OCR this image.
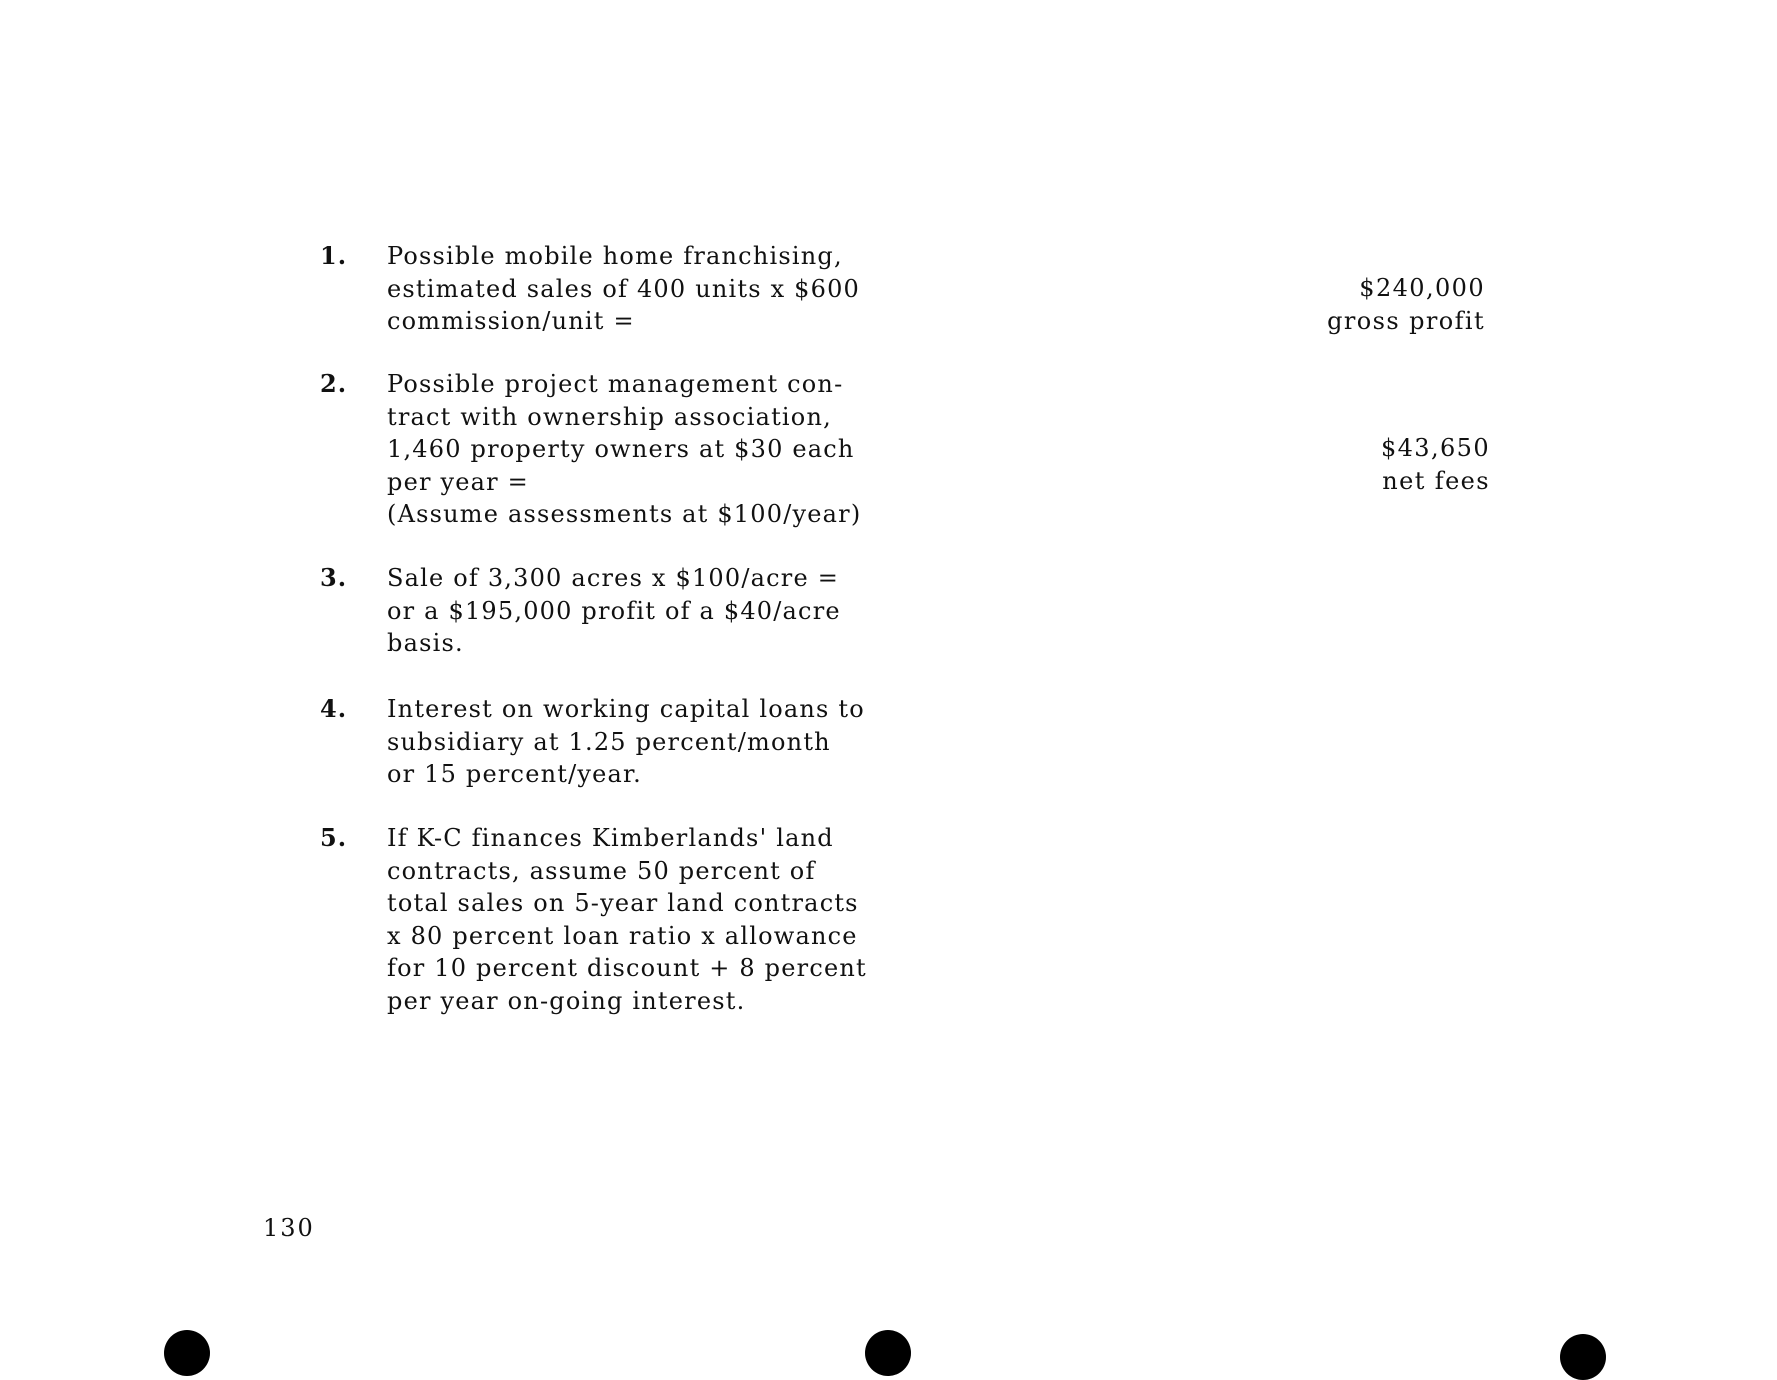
1. Possible mobile home franchising,
estimated sales of 400 units x $600
commission/unit =
$240,000
gross profit
2. Possible project management con-
tract with ownership association,
1,460 property owners at $30 each
per year =
(Assume assessments at $100/year)
$43,650
net fees
3. Sale of 3,300 acres x $100/acre =
or a $195,000 profit of a $40/acre
basis.
4. Interest on working capital loans to
subsidiary at 1.25 percent/month
or 15 percent/year.
5. If K-C finances Kimberlands' land
contracts, assume 50 percent of
total sales on 5-year land contracts
x 80 percent loan ratio x allowance
for 10 percent discount + 8 percent
per year on-going interest.
130
